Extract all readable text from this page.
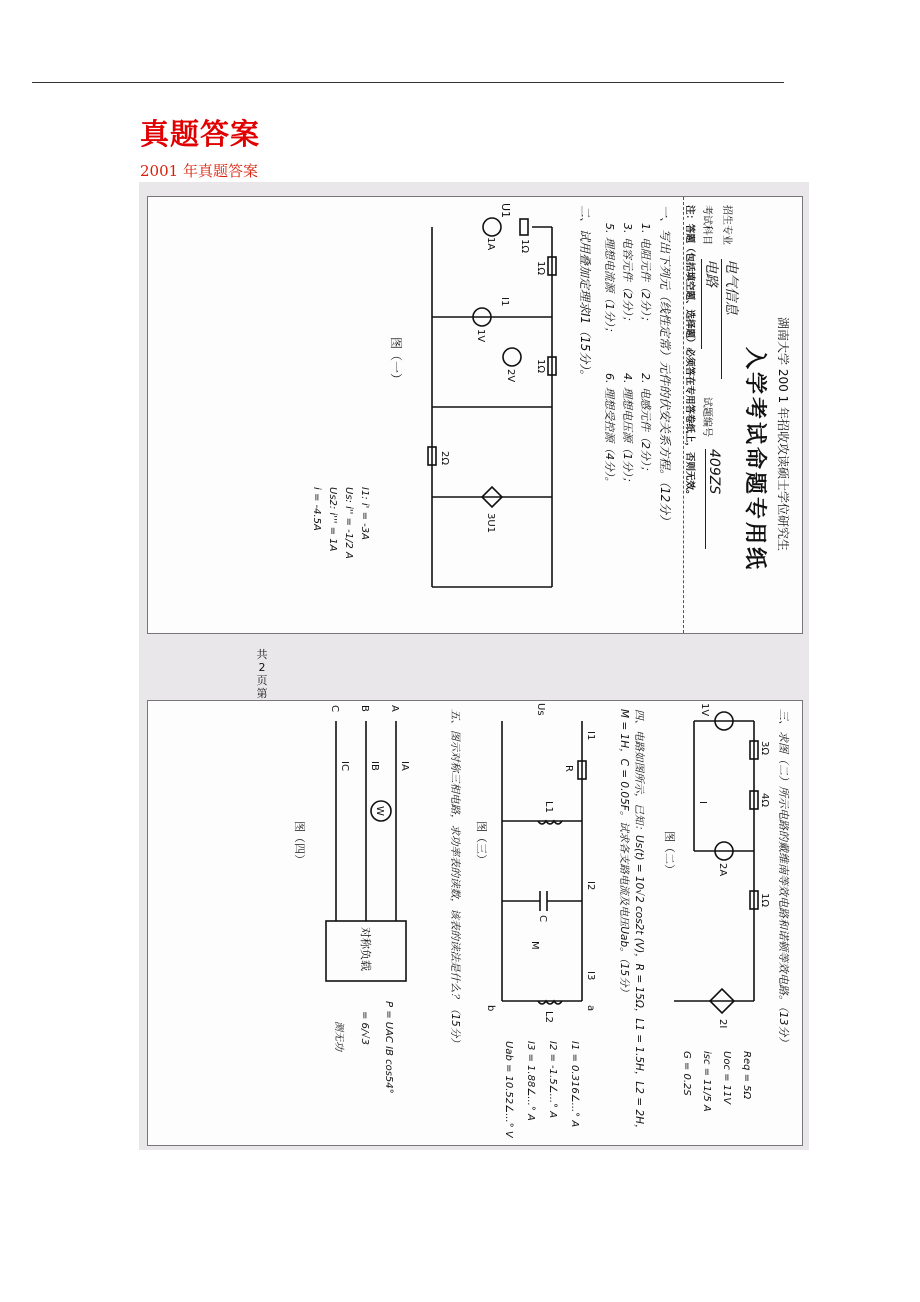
真题答案
2001 年真题答案
湖南大学 200 1 年招收攻读硕士学位研究生
入学考试命题专用纸
招生专业
电气信息
考试科目
电路
试题编号
409ZS
注：答题（包括填空题、选择题）必须答在专用答卷纸上，否则无效。
一、写出下列元（线性定常）元件的伏安关系方程。（12分）
1. 电阻元件（2分）；
2. 电感元件（2分）；
3. 电容元件（2分）；
4. 理想电压源（1分）；
5. 理想电流源（1分）；
6. 理想受控源（4分）。
二、试用叠加定理求I1（15分）。
U1
1A 1Ω
1Ω
I1
1V
1Ω
2V
2Ω
3U1
图（一）
I1: i' = -3A
Us: i'' = -1/2 A
Us2: i''' = 1A
i = -4.5A
共
2
页
第
三、求图（二）所示电路的戴维南等效电路和诺顿等效电路。（13分）
3Ω
1V
4Ω
I
1Ω
2A
2I
图（二）
Req = 5Ω
Uoc = 11V
isc = 11/5 A
G = 0.2S
四、电路如图所示，已知：Us(t) = 10√2 cos2t (V)，R = 15Ω，L1 = 1.5H，L2 = 2H，M = 1H，C = 0.05F。试求各支路电流及电压Uab。（15分）
Us
I1
R
L1
C
M
I2
I3
L2
a
b
图（三）
I1 = 0.316∠...° A
I2 = -1.5∠...° A
I3 = 1.88∠...° A
Uab = 10.52∠...° V
五、图示对称三相电路，求功率表的读数，该表的读法是什么？（15分）
A
B
C
IA
IB
IC
W
对称负载
图（四）
P = UAC IB cos54°
= 6/√3
测无功
